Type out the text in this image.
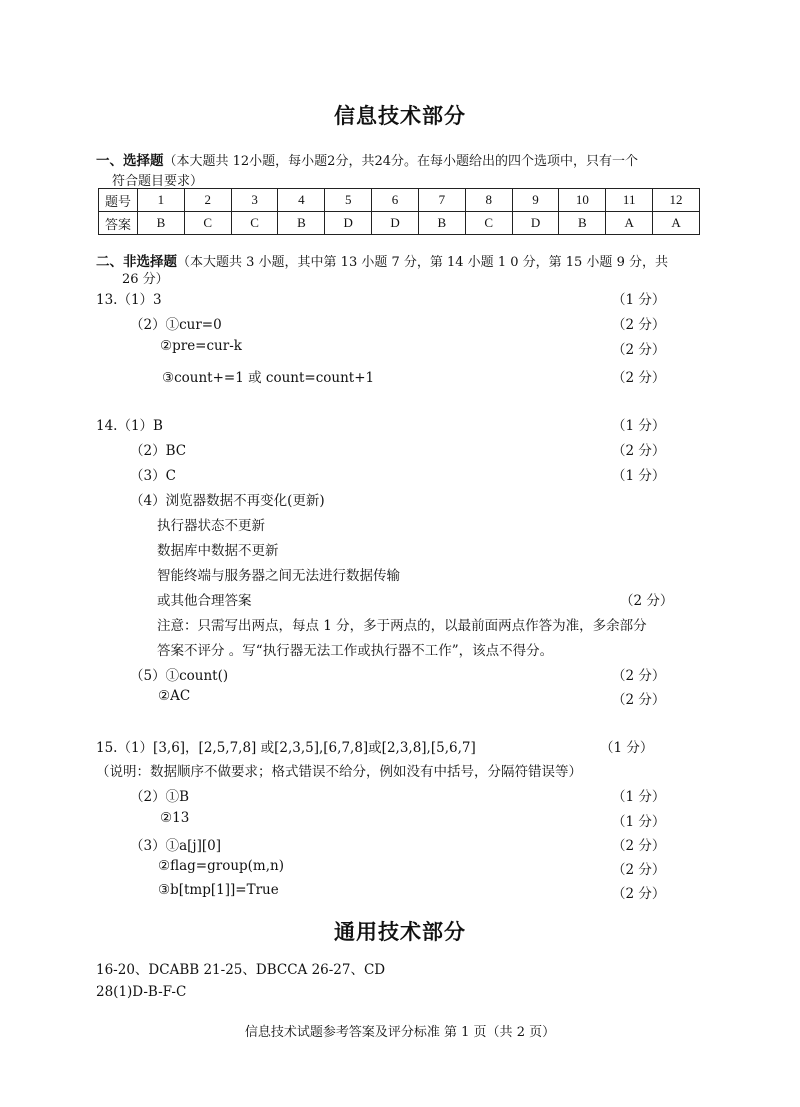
信息技术部分
一、选择题（本大题共 12小题，每小题2分，共24分。在每小题给出的四个选项中，只有一个
符合题目要求）
题号	1	2	3	4	5	6	7	8	9	10	11	12
答案	B	C	C	B	D	D	B	C	D	B	A	A
二、非选择题（本大题共 3 小题，其中第 13 小题 7 分，第 14 小题 1 0 分，第 15 小题 9 分，共
26 分）
13.（1）3	（1 分）
（2）①cur=0	（2 分）
②pre=cur-k	（2 分）
③count+=1 或 count=count+1	（2 分）
14.（1）B	（1 分）
（2）BC	（2 分）
（3）C	（1 分）
（4）浏览器数据不再变化(更新)
执行器状态不更新
数据库中数据不更新
智能终端与服务器之间无法进行数据传输
或其他合理答案	（2 分）
注意：只需写出两点，每点 1 分，多于两点的，以最前面两点作答为准，多余部分
答案不评分 。写“执行器无法工作或执行器不工作”，该点不得分。
（5）①count()	（2 分）
②AC	（2 分）
15.（1）[3,6]，[2,5,7,8] 或[2,3,5],[6,7,8]或[2,3,8],[5,6,7]	（1 分）
（说明：数据顺序不做要求；格式错误不给分，例如没有中括号，分隔符错误等）
（2）①B	（1 分）
②13	（1 分）
（3）①a[j][0]	（2 分）
②flag=group(m,n)	（2 分）
③b[tmp[1]]=True	（2 分）
通用技术部分
16-20、DCABB 21-25、DBCCA 26-27、CD
28(1)D-B-F-C
信息技术试题参考答案及评分标准 第 1 页（共 2 页）
